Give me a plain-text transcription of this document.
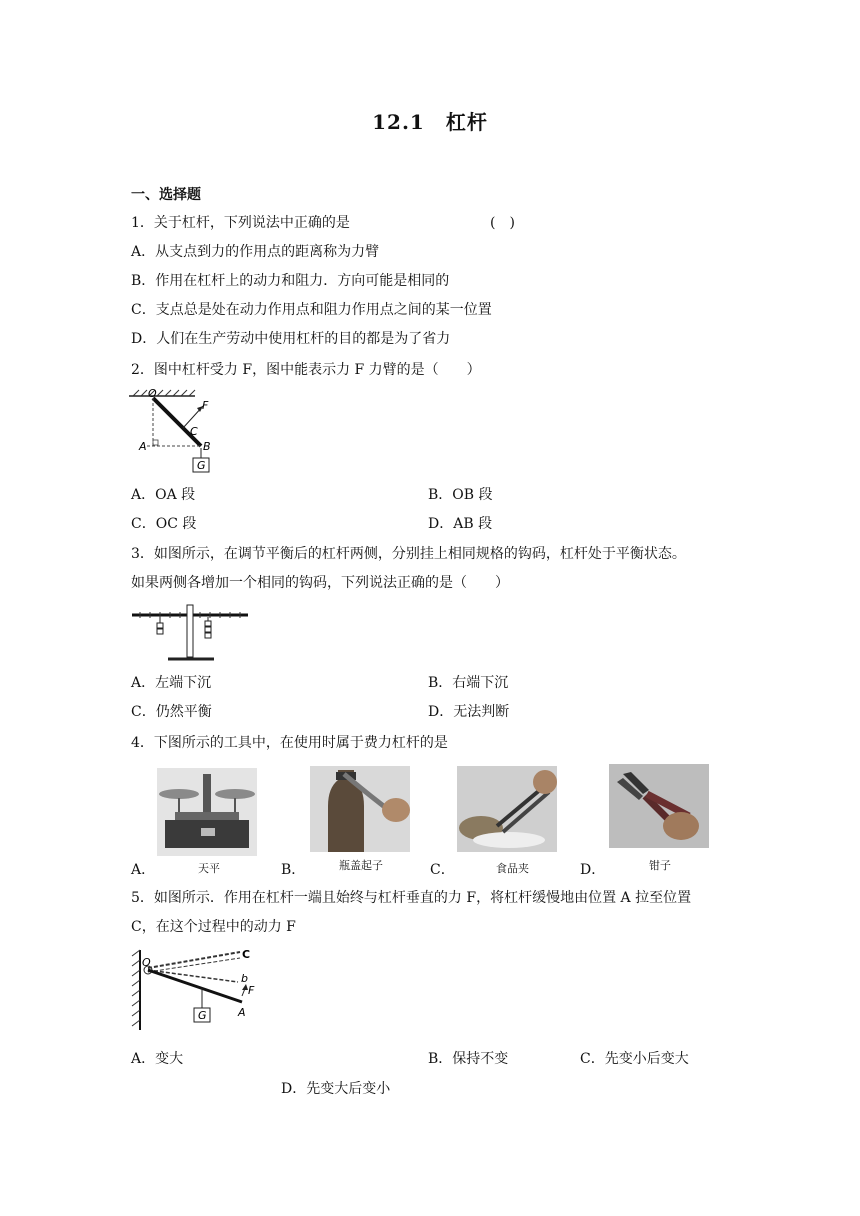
12.1　杠杆
一、选择题
1．关于杠杆，下列说法中正确的是	(　)
A．从支点到力的作用点的距离称为力臂
B．作用在杠杆上的动力和阻力．方向可能是相同的
C．支点总是处在动力作用点和阻力作用点之间的某一位置
D．人们在生产劳动中使用杠杆的目的都是为了省力
2．图中杠杆受力 F，图中能表示力 F 力臂的是（　　）
O
F
C
A	B
G
A．OA 段	B．OB 段
C．OC 段	D．AB 段
3．如图所示，在调节平衡后的杠杆两侧，分别挂上相同规格的钩码，杠杆处于平衡状态。
如果两侧各增加一个相同的钩码，下列说法正确的是（　　）
A．左端下沉	B．右端下沉
C．仍然平衡	D．无法判断
4．下图所示的工具中，在使用时属于费力杠杆的是
A．	天平	B．	瓶盖起子	C．	食品夹	D．	钳子
5．如图所示．作用在杠杆一端且始终与杠杆垂直的力 F，将杠杆缓慢地由位置 A 拉至位置
C，在这个过程中的动力 F
O
C
b
F
A
G
A．变大	B．保持不变	C．先变小后变大
D．先变大后变小
